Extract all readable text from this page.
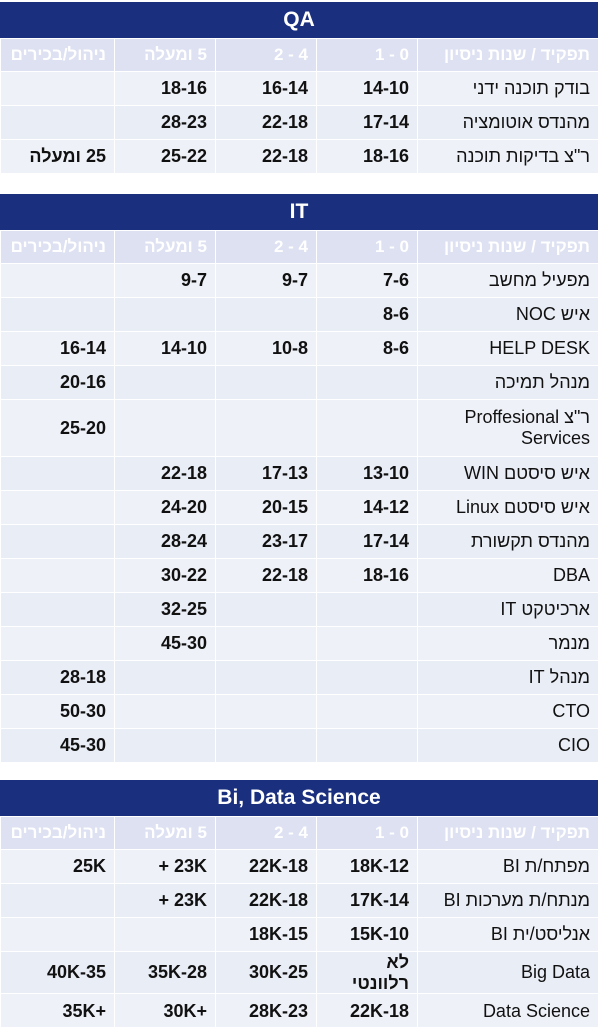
QA
תפקיד / שנות ניסיון	0 - 1	4 - 2	5 ומעלה	ניהול/בכירים
בודק תוכנה ידני	14-10	16-14	18-16	
מהנדס אוטומציה	17-14	22-18	28-23	
ר"צ בדיקות תוכנה	18-16	22-18	25-22	25 ומעלה
IT
תפקיד / שנות ניסיון	0 - 1	4 - 2	5 ומעלה	ניהול/בכירים
מפעיל מחשב	7-6	9-7	9-7	
איש NOC	8-6			
HELP DESK	8-6	10-8	14-10	16-14
מנהל תמיכה				20-16
ר"צ Proffesional Services				25-20
איש סיסטם WIN	13-10	17-13	22-18	
איש סיסטם Linux	14-12	20-15	24-20	
מהנדס תקשורת	17-14	23-17	28-24	
DBA	18-16	22-18	30-22	
ארכיטקט IT			32-25	
מנמר			45-30	
מנהל IT				28-18
CTO				50-30
CIO				45-30
Bi, Data Science
תפקיד / שנות ניסיון	0 - 1	4 - 2	5 ומעלה	ניהול/בכירים
מפתח/ת BI	18K-12	22K-18	23K +	25K
מנתח/ת מערכות BI	17K-14	22K-18	23K +	
אנליסט/ית BI	15K-10	18K-15		
Big Data	לא רלוונטי	30K-25	35K-28	40K-35
Data Science	22K-18	28K-23	+30K	+35K
